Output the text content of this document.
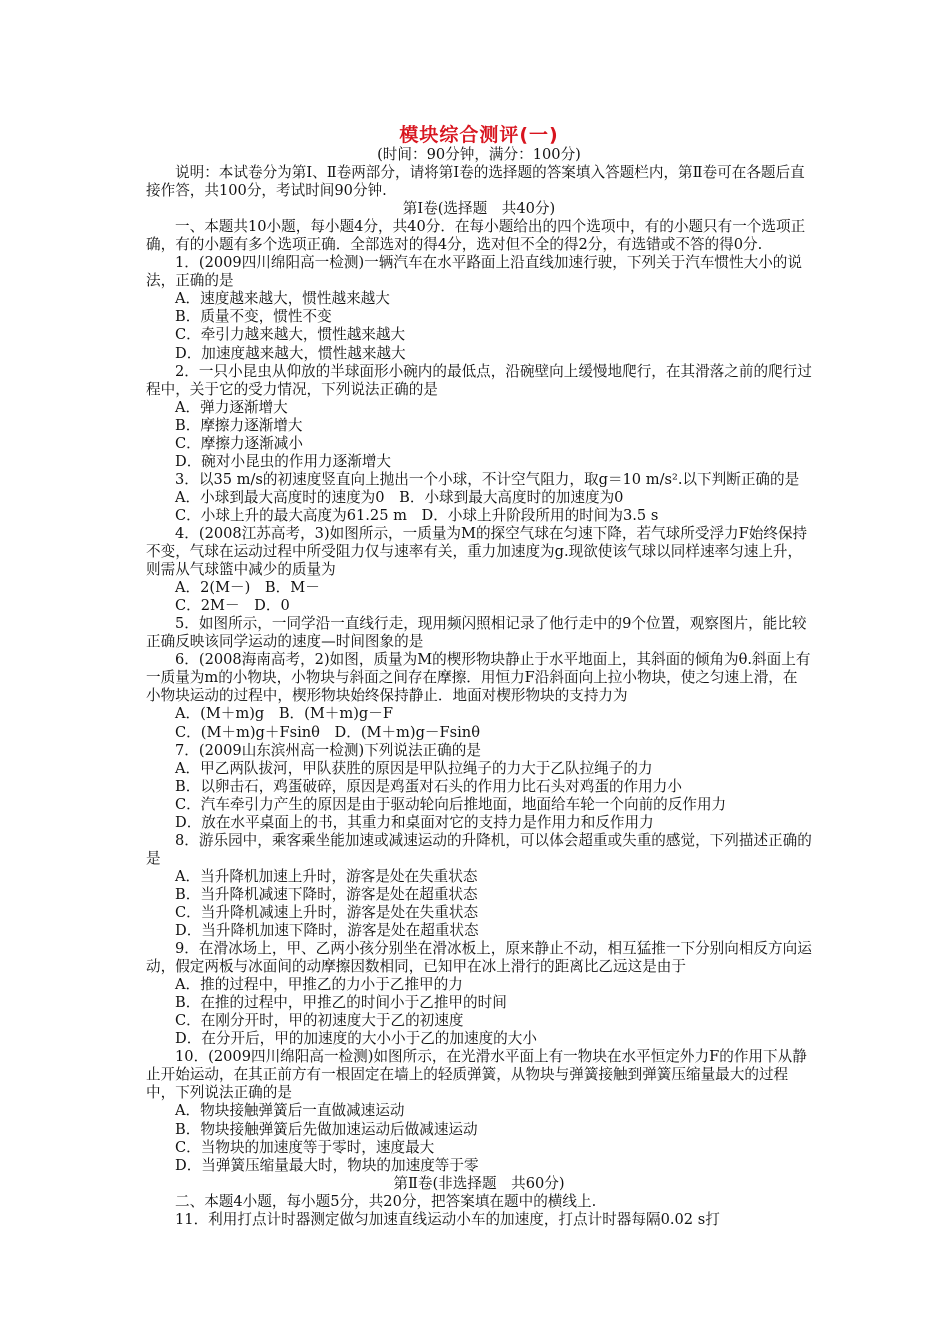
模块综合测评(一)
(时间：90分钟，满分：100分)
说明：本试卷分为第Ⅰ、Ⅱ卷两部分，请将第Ⅰ卷的选择题的答案填入答题栏内，第Ⅱ卷可在各题后直接作答，共100分，考试时间90分钟.
第Ⅰ卷(选择题　共40分)
一、本题共10小题，每小题4分，共40分．在每小题给出的四个选项中，有的小题只有一个选项正确，有的小题有多个选项正确．全部选对的得4分，选对但不全的得2分，有选错或不答的得0分.
1．(2009四川绵阳高一检测)一辆汽车在水平路面上沿直线加速行驶，下列关于汽车惯性大小的说法，正确的是
A．速度越来越大，惯性越来越大
B．质量不变，惯性不变
C．牵引力越来越大，惯性越来越大
D．加速度越来越大，惯性越来越大
2．一只小昆虫从仰放的半球面形小碗内的最低点，沿碗壁向上缓慢地爬行，在其滑落之前的爬行过程中，关于它的受力情况，下列说法正确的是
A．弹力逐渐增大
B．摩擦力逐渐增大
C．摩擦力逐渐减小
D．碗对小昆虫的作用力逐渐增大
3．以35 m/s的初速度竖直向上抛出一个小球，不计空气阻力，取g＝10 m/s².以下判断正确的是
A．小球到最大高度时的速度为0　B．小球到最大高度时的加速度为0
C．小球上升的最大高度为61.25 m　D．小球上升阶段所用的时间为3.5 s
4．(2008江苏高考，3)如图所示，一质量为M的探空气球在匀速下降，若气球所受浮力F始终保持不变，气球在运动过程中所受阻力仅与速率有关，重力加速度为g.现欲使该气球以同样速率匀速上升，则需从气球篮中减少的质量为
A．2(M－)　B．M－
C．2M－　D．0
5．如图所示，一同学沿一直线行走，现用频闪照相记录了他行走中的9个位置，观察图片，能比较正确反映该同学运动的速度—时间图象的是
6．(2008海南高考，2)如图，质量为M的楔形物块静止于水平地面上，其斜面的倾角为θ.斜面上有一质量为m的小物块，小物块与斜面之间存在摩擦．用恒力F沿斜面向上拉小物块，使之匀速上滑，在小物块运动的过程中，楔形物块始终保持静止．地面对楔形物块的支持力为
A．(M＋m)g　B．(M＋m)g－F
C．(M＋m)g＋Fsinθ　D．(M＋m)g－Fsinθ
7．(2009山东滨州高一检测)下列说法正确的是
A．甲乙两队拔河，甲队获胜的原因是甲队拉绳子的力大于乙队拉绳子的力
B．以卵击石，鸡蛋破碎，原因是鸡蛋对石头的作用力比石头对鸡蛋的作用力小
C．汽车牵引力产生的原因是由于驱动轮向后推地面，地面给车轮一个向前的反作用力
D．放在水平桌面上的书，其重力和桌面对它的支持力是作用力和反作用力
8．游乐园中，乘客乘坐能加速或减速运动的升降机，可以体会超重或失重的感觉，下列描述正确的是
A．当升降机加速上升时，游客是处在失重状态
B．当升降机减速下降时，游客是处在超重状态
C．当升降机减速上升时，游客是处在失重状态
D．当升降机加速下降时，游客是处在超重状态
9．在滑冰场上，甲、乙两小孩分别坐在滑冰板上，原来静止不动，相互猛推一下分别向相反方向运动，假定两板与冰面间的动摩擦因数相同，已知甲在冰上滑行的距离比乙远这是由于
A．推的过程中，甲推乙的力小于乙推甲的力
B．在推的过程中，甲推乙的时间小于乙推甲的时间
C．在刚分开时，甲的初速度大于乙的初速度
D．在分开后，甲的加速度的大小小于乙的加速度的大小
10．(2009四川绵阳高一检测)如图所示，在光滑水平面上有一物块在水平恒定外力F的作用下从静止开始运动，在其正前方有一根固定在墙上的轻质弹簧，从物块与弹簧接触到弹簧压缩量最大的过程中，下列说法正确的是
A．物块接触弹簧后一直做减速运动
B．物块接触弹簧后先做加速运动后做减速运动
C．当物块的加速度等于零时，速度最大
D．当弹簧压缩量最大时，物块的加速度等于零
第Ⅱ卷(非选择题　共60分)
二、本题4小题，每小题5分，共20分，把答案填在题中的横线上.
11．利用打点计时器测定做匀加速直线运动小车的加速度，打点计时器每隔0.02 s打
